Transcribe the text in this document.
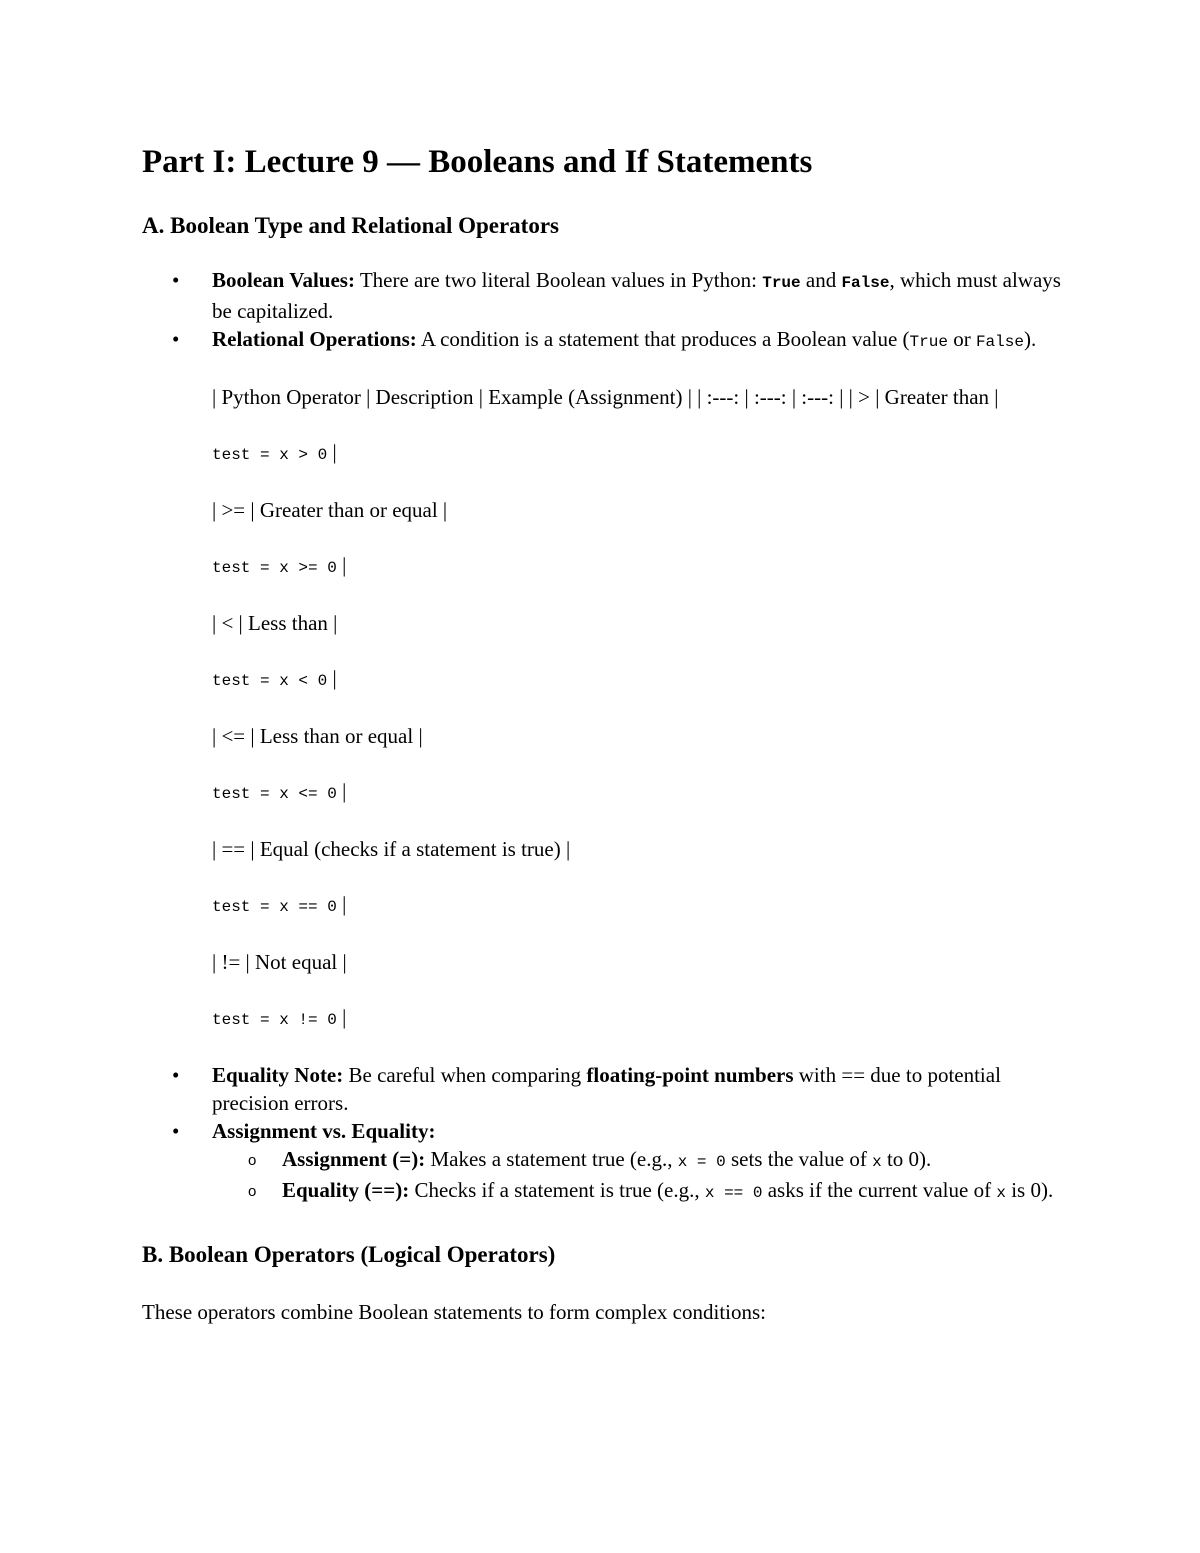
Part I: Lecture 9 — Booleans and If Statements
A. Boolean Type and Relational Operators
• Boolean Values: There are two literal Boolean values in Python: True and False, which must always be capitalized.
• Relational Operations: A condition is a statement that produces a Boolean value (True or False).

| Python Operator | Description | Example (Assignment) | | :---: | :---: | :---: | | > | Greater than |

test = x > 0 |

| >= | Greater than or equal |

test = x >= 0 |

| < | Less than |

test = x < 0 |

| <= | Less than or equal |

test = x <= 0 |

| == | Equal (checks if a statement is true) |

test = x == 0 |

| != | Not equal |

test = x != 0 |

• Equality Note: Be careful when comparing floating-point numbers with == due to potential precision errors.
• Assignment vs. Equality:
o Assignment (=): Makes a statement true (e.g., x = 0 sets the value of x to 0).
o Equality (==): Checks if a statement is true (e.g., x == 0 asks if the current value of x is 0).
B. Boolean Operators (Logical Operators)

These operators combine Boolean statements to form complex conditions:
